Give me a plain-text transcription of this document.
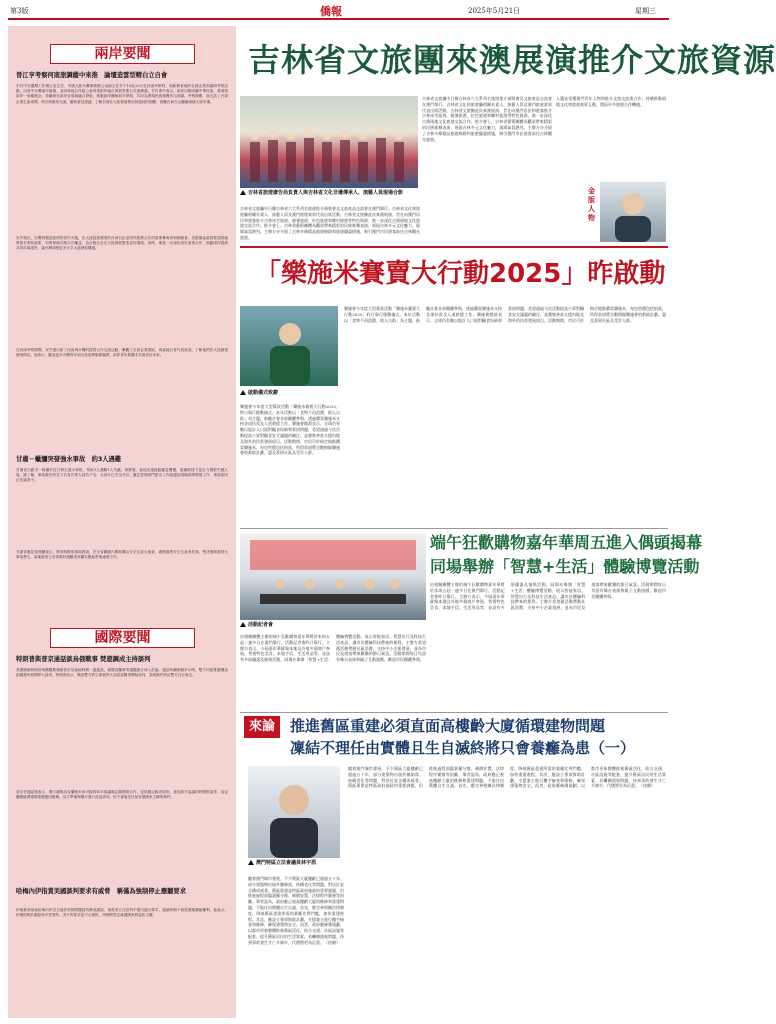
第3版	僑報	2025年5月21日	星期三
兩岸要聞
晉江亨考察何南旅調縱中來推　論壇造雲型精白立自會
中共中央臺灣工作辦公室主任、中國大陸台灣事務辦公室副主任亨于19及20日在河南考察時，到新鄉省地的台資企業和調研考察活動，出席中台灣兩岸論壇，並同與地合作組公會實現兩岸融合發展等進行交流溝通。亨在會中表示，兩岸同胞同屬中華民族，要秉持兩岸一家親理念，持續深化兩岸各領域融合發展，推動兩岸關係和平發展，共同為實現民族復興作出貢獻。考察期間，他走訪了台資企業生產車間，與台商座談交流，聽取意見建議，了解台商在大陸發展情況和遇到的困難，鼓勵台商台企繼續深耕大陸市場。
宋亨指出，台灣同胞是我們的骨肉天親，在大陸投資興業的台商台企是兩岸經濟合作的重要參與者和推動者。各級黨委政府要認真落實惠台利民政策，切實保障台胞合法權益，為台胞台企在大陸發展營造更好環境。同時，要進一步深化兩岸產業合作，推動兩岸經濟共同市場建設，讓台灣同胞更多分享大陸發展機遇。
在河南考察期間，宋亨還出席了河南與台灣的經貿合作交流活動，參觀了台資企業展區，與當地台青代表座談，了解他們在大陸創業就業情況。他表示，歡迎更多台灣青年到大陸追夢築夢圓夢，兩岸青年要攜手共創美好未來。
甘肅－蠟瀰突發強水事故　約3人遇難
甘肅省白銀市一煤礦於近日發生透水事故，導致3人遇難1人失蹤。事發後，當地迅速啟動應急響應，組織救援力量全力搜救失蹤人員。據了解，事故發生時井下共有作業人員若干名，大部分已安全升井。應急管理部門派出工作組趕赴現場指導救援工作，事故原因正在調查中。
甘肅省應急管理廳表示，將深刻吸取事故教訓，在全省範圍內開展礦山安全生產大檢查，嚴格落實安全生產責任制，堅決遏制重特大事故發生。當地政府已妥善做好遇難者家屬安撫和善後處理工作。
國際要聞
特朗普與普京通話談烏俄戰事 焚遊調成主持談判
美國總統特朗普與俄羅斯總統普京於當地時間一連通話，就俄烏戰事等議題進行深入討論。通話持續兩個多小時，雙方同意推動俄烏兩國盡快展開停火談判。特朗普表示，俄烏雙方將立即就停火及結束戰爭開始談判，談判條件將由雙方自行商定。
普京在通話後表示，俄方願與烏克蘭就未來可能的和平協議備忘錄開展合作，包括確定解決原則、達成和平協議的時間框架等。烏克蘭總統澤連斯基隨後回應稱，烏方準備與俄方進行直接談判，但不會接受任何有損國家主權的條件。
哈梅內伊指責美國談判要求有威脅　稱僅為強制停止應聽要求
伊朗最高領袖哈梅內伊近日就伊美核問題談判發表講話，指責美方在談判中提出過分要求，強調伊朗不會放棄鈾濃縮權利。他表示，伊朗的核計劃是和平性質的，美方的要求是不合理的，伊朗將堅定維護國家利益和主權。
吉林省文旅團來澳展演推介文旅資源
吉林省旅遊廣告局負責人與吉林省文化非遺傳承人、演藝人員現場合影
吉林省文旅廳中日韓吉林省六大系列名旅遊推介頒獎會及文旅產品交流會在澳門舉行。吉林省文化和旅遊廳相關負責人、演藝人員及澳門旅遊業界代表出席活動。吉林省文旅團此次來澳展演，旨在向澳門居民和遊客推介吉林冰雪旅遊、避暑旅遊、紅色旅遊和鄉村旅遊等特色資源，進一步深化吉澳兩地文化旅遊交流合作。推介會上，吉林省藝術團體為觀眾帶來精彩的民族歌舞表演，展現吉林多元文化魅力，現場氣氛熱烈。主辦方亦介紹了吉林多條精品旅遊線路和旅遊優惠措施，吸引澳門市民遊客前往吉林觀光旅遊。
吉林省文旅廳中日韓吉林省六大系列名旅遊推介頒獎會及文旅產品交流會在澳門舉行。吉林省文化和旅遊廳相關負責人、演藝人員及澳門旅遊業界代表出席活動。吉林省文旅團此次來澳展演，旨在向澳門居民和遊客推介吉林冰雪旅遊、避暑旅遊、紅色旅遊和鄉村旅遊等特色資源，進一步深化吉澳兩地文化旅遊交流合作。推介會上，吉林省藝術團體為觀眾帶來精彩的民族歌舞表演，展現吉林多元文化魅力，現場氣氛熱烈。主辦方亦介紹了吉林多條精品旅遊線路和旅遊優惠措施，吸引澳門市民遊客前往吉林觀光旅遊。
金版人物
入選並榮獲澳門青年人物和推介文旅交流與合作，持續推動兩地文化和旅遊業界互動，開拓更多旅遊合作機遇。
「樂施米賽賣大行動2025」昨啟動
啟動儀式致辭
樂施會今年度大型募款活動「樂施米賽賣大行動2025」昨日舉行啟動儀式。本年活動以「食物不再浪費，助人自助」為主題，鼓勵社會各界踴躍參與，透過購買樂施米支持各項扶貧及人道救援工作。樂施會總裁表示，全球仍有數以億計人口面對糧食短缺和貧困問題，希望通過今次活動提高公眾對糧食安全議題的關注，並籌集善款支援內地及海外的扶貧發展項目。活動期間，市民可於指定地點購買樂施米，每包售價包括捐款，所得款項將全數撥歸樂施會的救助計劃，惠及貧困社區及受災人群。
樂施會今年度大型募款活動「樂施米賽賣大行動2025」昨日舉行啟動儀式。本年活動以「食物不再浪費，助人自助」為主題，鼓勵社會各界踴躍參與，透過購買樂施米支持各項扶貧及人道救援工作。樂施會總裁表示，全球仍有數以億計人口面對糧食短缺和貧困問題，希望通過今次活動提高公眾對糧食安全議題的關注，並籌集善款支援內地及海外的扶貧發展項目。活動期間，市民可於指定地點購買樂施米，每包售價包括捐款，所得款項將全數撥歸樂施會的救助計劃，惠及貧困社區及受災人群。
端午狂歡購物嘉年華周五進入偶頭揭幕
同場舉辦「智慧+生活」體驗博覽活動
活動記者會
由相關團體主辦的端午狂歡購物嘉年華將於本周五起一連多日在澳門舉行，活動記者會昨日舉行。主辦方表示，今屆嘉年華匯聚本地及外地多個商戶參展，售賣特色美食、本地手信、生活用品等，並設有多項優惠及抽獎活動，同場亦舉辦「智慧+生活」體驗博覽活動，展示智能家居、智慧出行及科技生活產品，讓市民體驗科技帶來的便利。主辦方希望藉活動帶動社區消費，支持中小企業發展，並為市民及遊客帶來歡樂的節日氣氛。活動期間每日均設有舞台表演和親子互動遊戲，歡迎市民踴躍參與。
由相關團體主辦的端午狂歡購物嘉年華將於本周五起一連多日在澳門舉行，活動記者會昨日舉行。主辦方表示，今屆嘉年華匯聚本地及外地多個商戶參展，售賣特色美食、本地手信、生活用品等，並設有多項優惠及抽獎活動，同場亦舉辦「智慧+生活」體驗博覽活動，展示智能家居、智慧出行及科技生活產品，讓市民體驗科技帶來的便利。主辦方希望藉活動帶動社區消費，支持中小企業發展，並為市民及遊客帶來歡樂的節日氣氛。活動期間每日均設有舞台表演和親子互動遊戲，歡迎市民踴躍參與。
來論	推進舊區重建必須直面高樓齡大廈循環建物問題
凜結不理任由實體且生自滅終將只會養癰為患（一）
澳門特區立法會議員林宇滔
隨着澳門城市發展，不少舊區大廈樓齡已超過五十年，部分建築物出現外牆剝落、結構老化等問題，對居民安全構成威脅。舊區重建是特區政府施政的重要課題，但推進過程面臨業權分散、補償安置、法律程序繁複等困難。筆者認為，政府應正視高樓齡大廈的維修和重建問題，不能任由舊樓自生自滅。首先，應完善相關法律制度，降低舊區重建所需的業權比例門檻，加快重建進程。其次，應設立專項資助計劃，支援業主進行樓宇檢查和維修，確保建築物安全。再者，政府應統籌規劃，以都市更新整體推進舊區活化，結合交通、社區設施等配套，提升舊區居民的生活質素。若繼續漠視問題，待到事故發生才亡羊補牢，代價將更為沉重。（待續）
隨着澳門城市發展，不少舊區大廈樓齡已超過五十年，部分建築物出現外牆剝落、結構老化等問題，對居民安全構成威脅。舊區重建是特區政府施政的重要課題，但推進過程面臨業權分散、補償安置、法律程序繁複等困難。筆者認為，政府應正視高樓齡大廈的維修和重建問題，不能任由舊樓自生自滅。首先，應完善相關法律制度，降低舊區重建所需的業權比例門檻，加快重建進程。其次，應設立專項資助計劃，支援業主進行樓宇檢查和維修，確保建築物安全。再者，政府應統籌規劃，以都市更新整體推進舊區活化，結合交通、社區設施等配套，提升舊區居民的生活質素。若繼續漠視問題，待到事故發生才亡羊補牢，代價將更為沉重。（待續）
